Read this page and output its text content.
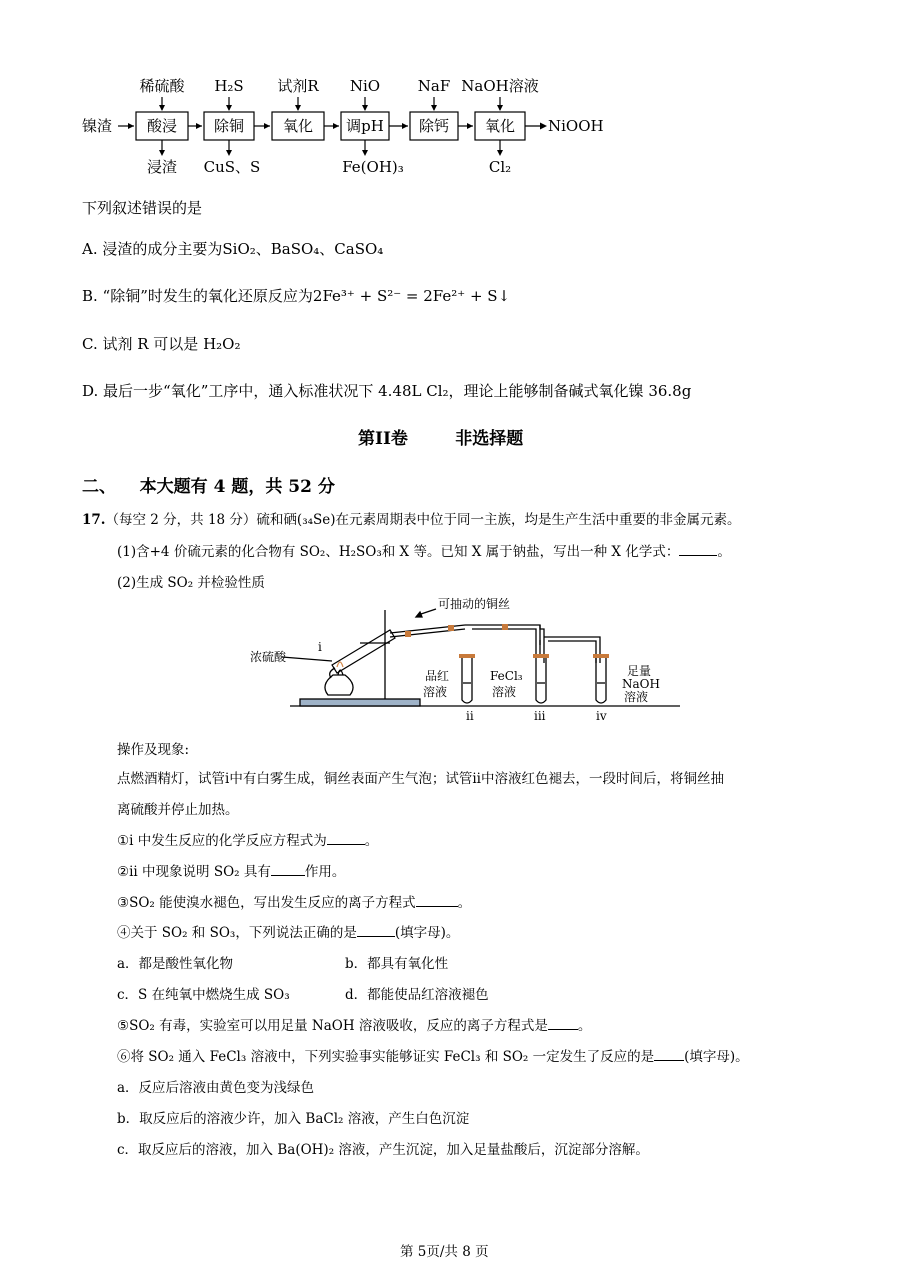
镍渣	NiOOH
稀硫酸 H₂S 试剂R NiO	NaF NaOH溶液
酸浸 除铜	氧化 调pH 除钙 氧化
浸渣 CuS、S	Fe(OH)₃	Cl₂
下列叙述错误的是
A. 浸渣的成分主要为SiO₂、BaSO₄、CaSO₄
B. “除铜”时发生的氧化还原反应为2Fe³⁺ + S²⁻ = 2Fe²⁺ + S↓
C. 试剂 R 可以是 H₂O₂
D. 最后一步“氧化”工序中，通入标准状况下 4.48L Cl₂，理论上能够制备碱式氧化镍 36.8g
第II卷        非选择题
二、    本大题有 4 题，共 52 分
17.（每空 2 分，共 18 分）硫和硒(₃₄Se)在元素周期表中位于同一主族，均是生产生活中重要的非金属元素。
(1)含+4 价硫元素的化合物有 SO₂、H₂SO₃和 X 等。已知 X 属于钠盐，写出一种 X 化学式：	。
(2)生成 SO₂ 并检验性质
可抽动的铜丝
浓硫酸
i
品红
溶液
FeCl₃
溶液
足量
NaOH
溶液
ii	iii	iv
操作及现象:
点燃酒精灯，试管i中有白雾生成，铜丝表面产生气泡；试管ii中溶液红色褪去，一段时间后，将铜丝抽
离硫酸并停止加热。
①i 中发生反应的化学反应方程式为	。
②ii 中现象说明 SO₂ 具有	作用。
③SO₂ 能使溴水褪色，写出发生反应的离子方程式	。
④关于 SO₂ 和 SO₃，下列说法正确的是	(填字母)。
a．都是酸性氧化物	b．都具有氧化性
c．S 在纯氧中燃烧生成 SO₃	d．都能使品红溶液褪色
⑤SO₂ 有毒，实验室可以用足量 NaOH 溶液吸收，反应的离子方程式是 。
⑥将 SO₂ 通入 FeCl₃ 溶液中，下列实验事实能够证实 FeCl₃ 和 SO₂ 一定发生了反应的是 (填字母)。
a．反应后溶液由黄色变为浅绿色
b．取反应后的溶液少许，加入 BaCl₂ 溶液，产生白色沉淀
c．取反应后的溶液，加入 Ba(OH)₂ 溶液，产生沉淀，加入足量盐酸后，沉淀部分溶解。
第 5页/共 8 页
